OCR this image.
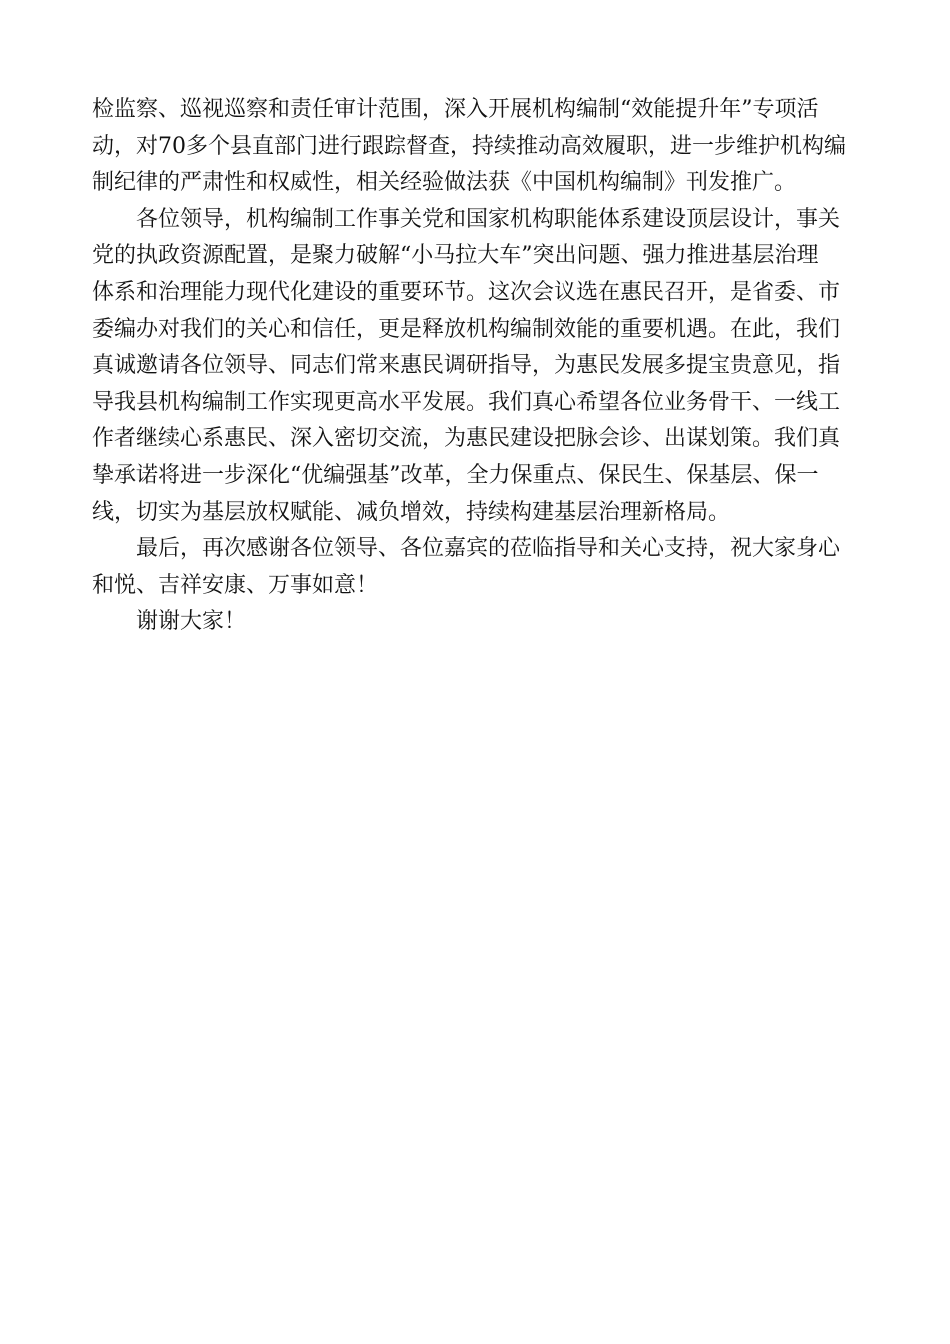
检监察、巡视巡察和责任审计范围，深入开展机构编制“效能提升年”专项活
动，对70多个县直部门进行跟踪督查，持续推动高效履职，进一步维护机构编
制纪律的严肃性和权威性，相关经验做法获《中国机构编制》刊发推广。

各位领导，机构编制工作事关党和国家机构职能体系建设顶层设计，事关
党的执政资源配置，是聚力破解“小马拉大车”突出问题、强力推进基层治理
体系和治理能力现代化建设的重要环节。这次会议选在惠民召开，是省委、市
委编办对我们的关心和信任，更是释放机构编制效能的重要机遇。在此，我们
真诚邀请各位领导、同志们常来惠民调研指导，为惠民发展多提宝贵意见，指
导我县机构编制工作实现更高水平发展。我们真心希望各位业务骨干、一线工
作者继续心系惠民、深入密切交流，为惠民建设把脉会诊、出谋划策。我们真
挚承诺将进一步深化“优编强基”改革，全力保重点、保民生、保基层、保一
线，切实为基层放权赋能、减负增效，持续构建基层治理新格局。

最后，再次感谢各位领导、各位嘉宾的莅临指导和关心支持，祝大家身心
和悦、吉祥安康、万事如意！

谢谢大家！
